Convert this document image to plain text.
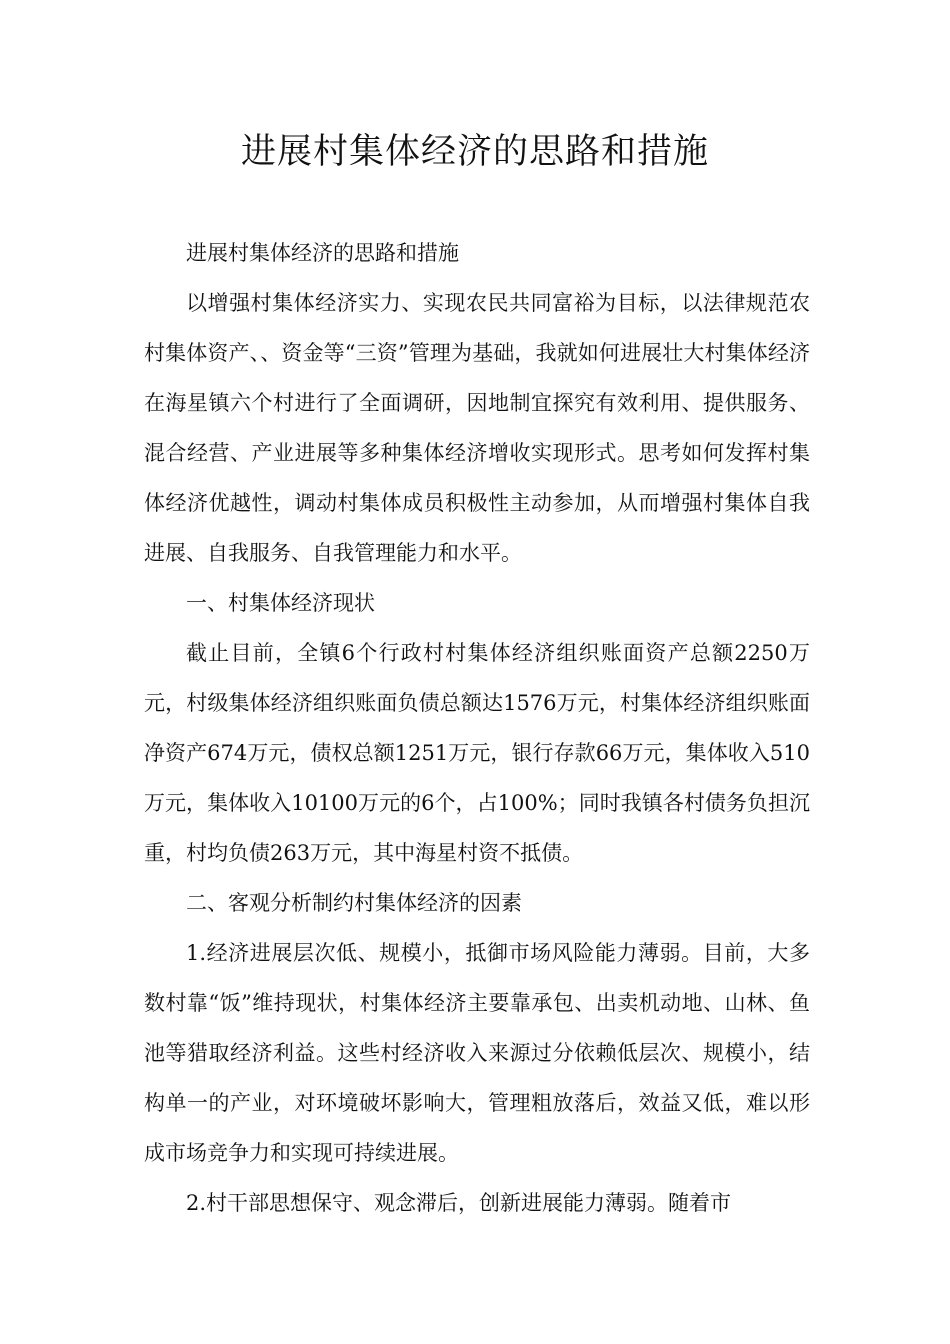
进展村集体经济的思路和措施

进展村集体经济的思路和措施

以增强村集体经济实力、实现农民共同富裕为目标，以法律规范农村集体资产、、资金等“三资”管理为基础，我就如何进展壮大村集体经济在海星镇六个村进行了全面调研，因地制宜探究有效利用、提供服务、混合经营、产业进展等多种集体经济增收实现形式。思考如何发挥村集体经济优越性，调动村集体成员积极性主动参加，从而增强村集体自我进展、自我服务、自我管理能力和水平。

一、村集体经济现状

截止目前，全镇6个行政村村集体经济组织账面资产总额2250万元，村级集体经济组织账面负债总额达1576万元，村集体经济组织账面净资产674万元，债权总额1251万元，银行存款66万元，集体收入510万元，集体收入10100万元的6个，占100%；同时我镇各村债务负担沉重，村均负债263万元，其中海星村资不抵债。

二、客观分析制约村集体经济的因素

1.经济进展层次低、规模小，抵御市场风险能力薄弱。目前，大多数村靠“饭”维持现状，村集体经济主要靠承包、出卖机动地、山林、鱼池等猎取经济利益。这些村经济收入来源过分依赖低层次、规模小，结构单一的产业，对环境破坏影响大，管理粗放落后，效益又低，难以形成市场竞争力和实现可持续进展。

2.村干部思想保守、观念滞后，创新进展能力薄弱。随着市
